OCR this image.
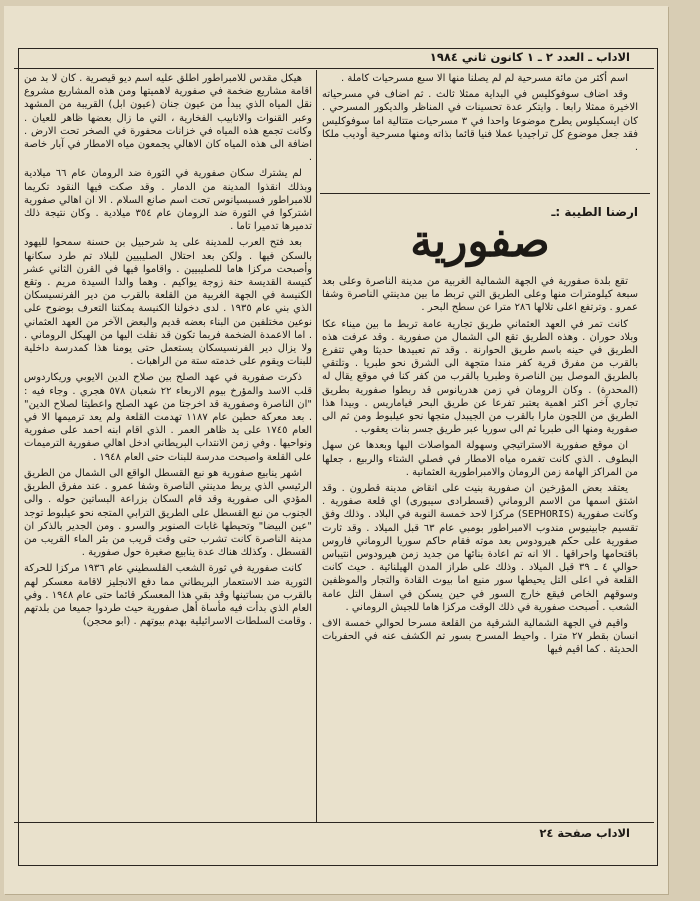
الاداب ـ العدد ٢ ـ ١ كانون ثاني ١٩٨٤

اسم أكثر من مائة مسرحية لم لم يصلنا منها الا سبع مسرحيات كاملة .

وقد اضاف سوفوكليس في البداية ممثلا ثالث . ثم اضاف في مسرحياته الاخيرة ممثلا رابعا . وايتكر عدة تحسينات في المناظر والديكور المسرحي . كان ايسكيلوس يطرح موضوعا واحدا في ٣ مسرحيات متتالية اما سوفوكليس فقد جعل موضوع كل تراجيديا عملا فنيا قائما بذاته ومنها مسرحية أوديب ملكا .

ارضنا الطيبة :ـ
صفورية

تقع بلدة صفورية في الجهة الشمالية الغربية من مدينة الناصرة وعلى بعد سبعة كيلومترات منها وعلى الطريق التي تربط ما بين مدينتي الناصرة وشفا عمرو . وترتفع اعلى تلالها ٢٨٦ مترا عن سطح البحر .

كانت تمر في العهد العثماني طريق تجارية عامة تربط ما بين ميناء عكا وبلاد حوران . وهذه الطريق تقع الى الشمال من صفورية . وقد عرفت هذه الطريق في حينه باسم طريق الحوارنة . وقد تم تعبيدها حديثا وهي تتفرع بالقرب من مفرق قرية كفر مندا متجهة الى الشرق نحو طبريا . وتلتقي بالطريق الموصل بين الناصرة وطبريا بالقرب من كفر كنا في موقع يقال له (المحدرة) . وكان الرومان في زمن هدريانوس قد ربطوا صفورية بطريق تجاري آخر اكثر اهمية يعتبر تفرعا عن طريق البحر فياماريس . وبيدا هذا الطريق من اللجون مارا بالقرب من الجيبدل متجها نحو عيلبوط ومن ثم الى صفورية ومنها الى طبريا ثم الى سوريا عبر طريق جسر بنات يعقوب .

ان موقع صفورية الاستراتيجي وسهولة المواصلات اليها وبعدها عن سهل البطوف . الذي كانت تغمره مياه الامطار في فصلي الشتاء والربيع ، جعلها من المراكز الهامة زمن الرومان والامبراطورية العثمانية .

يعتقد بعض المؤرخين ان صفورية بنيت على انقاض مدينة قطرون . وقد اشتق اسمها من الاسم الروماني (قسطرادى سيبورى) اي قلعة صفورية . وكانت صفورية (SEPHORIS) مركزا لاحد خمسة النوبة في البلاد . وذلك وفق تقسيم جابينيوس مندوب الامبراطور بومبي عام ٦٣ قبل الميلاد . وقد ثارت صفورية على حكم هيرودوس بعد موته فقام حاكم سوريا الروماني فاروس باقتحامها واحراقها . الا انه تم اعادة بنائها من جديد زمن هيرودوس انتيباس حوالي ٤ ـ ٣٩ قبل الميلاد . وذلك على طراز المدن الهيلنائية . حيث كانت القلعة في اعلى التل يحيطها سور منيع اما بيوت القادة والتجار والموظفين وسوقهم الخاص فيقع خارج السور في حين يسكن في اسفل التل عامة الشعب . أصبحت صفورية في ذلك الوقت مركزا هاما للجيش الروماني .

واقيم في الجهة الشمالية الشرقية من القلعة مسرحا لحوالي خمسة الاف انسان بقطر ٢٧ مترا . واحيط المسرح بسور تم الكشف عنه في الحفريات الحديثة . كما اقيم فيها

هيكل مقدس للامبراطور اطلق عليه اسم ديو قيصرية . كان لا بد من اقامة مشاريع ضخمة في صفورية لاهميتها ومن هذه المشاريع مشروع نقل المياه الذي يبدأ من عيون جنان (عيون ابل) القريبة من المشهد وعبر القنوات والانابيب الفخارية ، التي ما زال بعضها ظاهر للعيان . وكانت تجمع هذه المياه في خزانات محفورة في الصخر تحت الارض . اضافة الى هذه المياه كان الاهالي يجمعون مياه الامطار في آبار خاصة .

لم يشترك سكان صفورية في الثورة ضد الرومان عام ٦٦ ميلادية وبذلك انقذوا المدينة من الدمار . وقد صكت فيها النقود تكريما للامبراطور فسبسيانوس تحت اسم صانع السلام . الا ان اهالي صفورية اشتركوا في الثورة ضد الرومان عام ٣٥٤ ميلادية . وكان نتيجة ذلك تدميرها تدميرا تاما .

بعد فتح العرب للمدينة على يد شرحبيل بن حسنة سمحوا لليهود بالسكن فيها . ولكن بعد احتلال الصليبيين للبلاد تم طرد سكانها وأصبحت مركزا هاما للصليبيين . واقاموا فيها في القرن الثاني عشر كنيسة القديسة حنة زوجة يواكيم . وهما والدا السيدة مريم . وتقع الكنيسة في الجهة الغربية من القلعة بالقرب من دير الفرنسيسكان الذي بني عام ١٩٣٥ . لدى دخولنا الكنيسة يمكننا التعرف بوضوح على نوعين مختلفين من البناء بعضه قديم والبعض الآخر من العهد العثماني . اما الاعمدة الضخمة فربما تكون قد نقلت اليها من الهيكل الروماني . ولا يزال دير الفرنسيسكان يستعمل حتى يومنا هذا كمدرسة داخلية للبنات ويقوم على خدمته ستة من الراهبات .

ذكرت صفورية في عهد الصلح بين صلاح الدين الايوبي وريكاردوس قلب الاسد والمؤرخ بيوم الاربعاء ٢٢ شعبان ٥٧٨ هجري . وجاء فيه : "ان الناصرة وصفورية قد اخرجتا من عهد الصلح واعطيتا لصلاح الدين" . بعد معركة حطين عام ١١٨٧ تهدمت القلعة ولم يعد ترميمها الا في العام ١٧٤٥ على يد ظاهر العمر . الذي اقام ابنه احمد على صفورية ونواحيها . وفي زمن الانتداب البريطاني ادخل اهالي صفورية الترميمات على القلعة واصبحت مدرسة للبنات حتى العام ١٩٤٨ .

اشهر ينابيع صفورية هو نبع القسطل الواقع الى الشمال من الطريق الرئيسي الذي يربط مدينتي الناصرة وشفا عمرو . عند مفرق الطريق المؤدي الى صفورية وقد قام السكان بزراعة البساتين حوله . والى الجنوب من نبع القسطل على الطريق الترابي المتجه نحو عيلبوط توجد "عين البيضا" وتحيطها غابات الصنوبر والسرو . ومن الجدير بالذكر ان مدينة الناصرة كانت تشرب حتى وقت قريب من بئر الماء القريب من القسطل . وكذلك هناك عدة ينابيع صغيرة حول صفورية .

كانت صفورية في ثورة الشعب الفلسطيني عام ١٩٣٦ مركزا للحركة الثورية ضد الاستعمار البريطاني مما دفع الانجليز لاقامة معسكر لهم بالقرب من بساتينها وقد بقي هذا المعسكر قائما حتى عام ١٩٤٨ . وفي العام الذي بدأت فيه مأساة أهل صفورية حيث طردوا جميعا من بلدتهم . وقامت السلطات الاسرائيلية بهدم بيوتهم . (ابو محجن)

الاداب صفحة ٢٤
